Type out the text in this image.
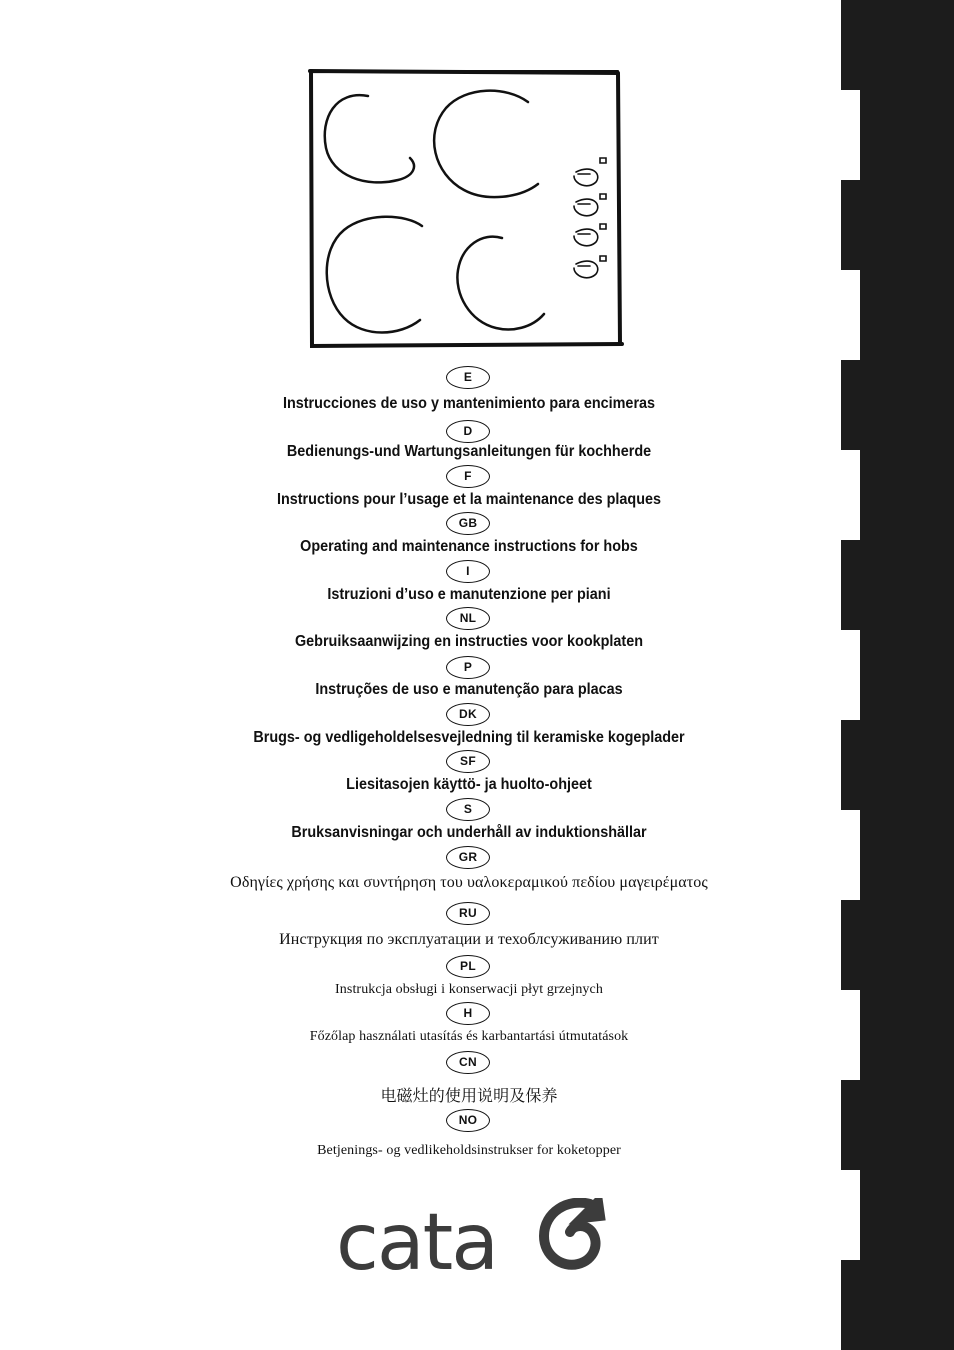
E
Instrucciones de uso y mantenimiento para encimeras
D
Bedienungs-und Wartungsanleitungen für kochherde
F
Instructions pour l’usage et la maintenance des plaques
GB
Operating and maintenance instructions for hobs
I
Istruzioni d’uso e manutenzione per piani
NL
Gebruiksaanwijzing en instructies voor kookplaten
P
Instruções de uso e manutenção para placas
DK
Brugs- og vedligeholdelsesvejledning til keramiske kogeplader
SF
Liesitasojen käyttö- ja huolto-ohjeet
S
Bruksanvisningar och underhåll av induktionshällar
GR
Οδηγίες χρήσης και συντήρηση του υαλοκεραμικού πεδίου μαγειρέματος
RU
Инструкция по эксплуатации и техоблсуживанию плит
PL
Instrukcja obsługi i konserwacji płyt grzejnych
H
Főzőlap használati utasítás és karbantartási útmutatások
CN
电磁灶的使用说明及保养
NO
Betjenings- og vedlikeholdsinstrukser for koketopper
cata
